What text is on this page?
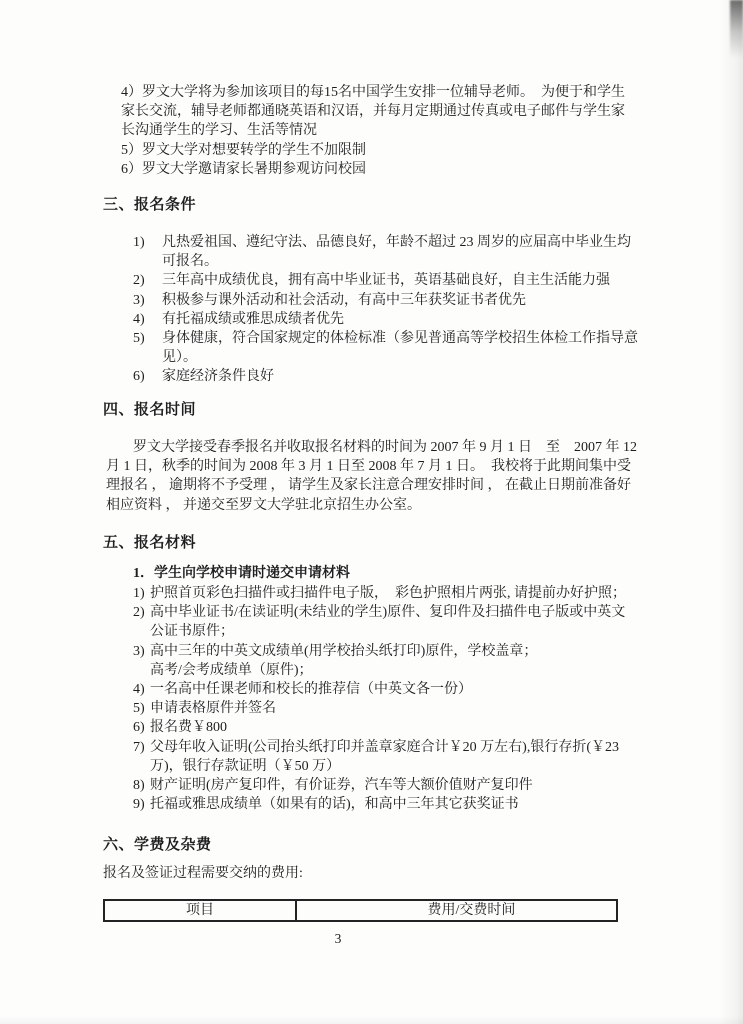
4）罗文大学将为参加该项目的每15名中国学生安排一位辅导老师。　为便于和学生
家长交流，辅导老师都通晓英语和汉语，并每月定期通过传真或电子邮件与学生家
长沟通学生的学习、生活等情况
5）罗文大学对想要转学的学生不加限制
6）罗文大学邀请家长暑期参观访问校园
三、报名条件
1)	凡热爱祖国、遵纪守法、品德良好，年龄不超过 23 周岁的应届高中毕业生均
可报名。
2)	三年高中成绩优良，拥有高中毕业证书，英语基础良好，自主生活能力强
3)	积极参与课外活动和社会活动，有高中三年获奖证书者优先
4)	有托福成绩或雅思成绩者优先
5)	身体健康，符合国家规定的体检标准（参见普通高等学校招生体检工作指导意
见）。
6)	家庭经济条件良好
四、报名时间
罗文大学接受春季报名并收取报名材料的时间为 2007 年 9 月 1 日　至　2007 年 12
月 1 日，秋季的时间为 2008 年 3 月 1 日至 2008 年 7 月 1 日。　我校将于此期间集中受
理报名 ， 逾期将不予受理 ， 请学生及家长注意合理安排时间 ， 在截止日期前准备好
相应资料 ， 并递交至罗文大学驻北京招生办公室。
五、报名材料
1．学生向学校申请时递交申请材料
1) 护照首页彩色扫描件或扫描件电子版，　彩色护照相片两张, 请提前办好护照；
2) 高中毕业证书/在读证明(未结业的学生)原件、复印件及扫描件电子版或中英文
公证书原件；
3) 高中三年的中英文成绩单(用学校抬头纸打印)原件，学校盖章；
高考/会考成绩单（原件)；
4) 一名高中任课老师和校长的推荐信（中英文各一份）
5) 申请表格原件并签名
6) 报名费￥800
7) 父母年收入证明(公司抬头纸打印并盖章家庭合计￥20 万左右),银行存折(￥23
万)，银行存款证明（￥50 万）
8) 财产证明(房产复印件，有价证券，汽车等大额价值财产复印件
9) 托福或雅思成绩单（如果有的话)，和高中三年其它获奖证书
六、学费及杂费
报名及签证过程需要交纳的费用:
项目	费用/交费时间
3
